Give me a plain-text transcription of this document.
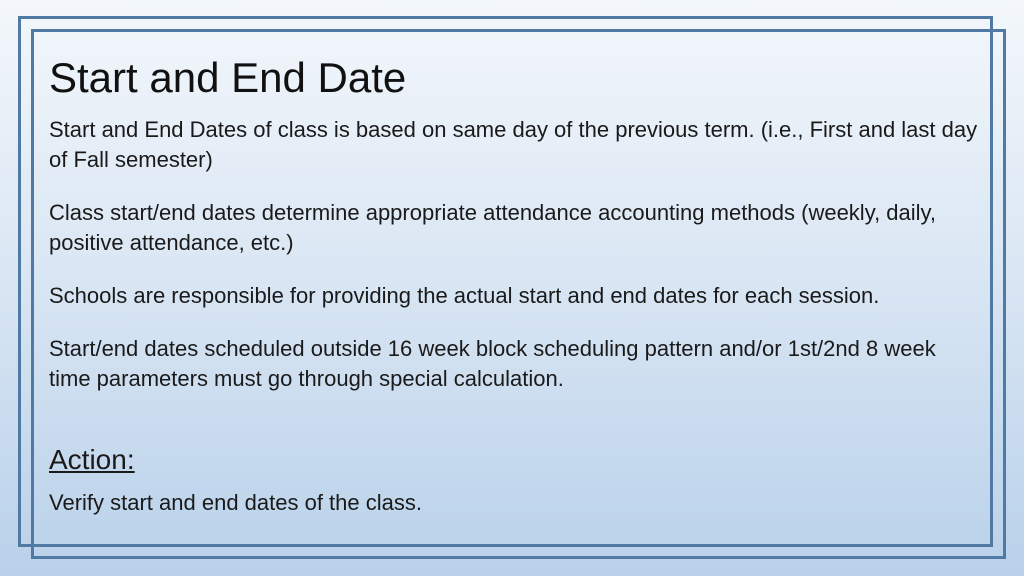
Start and End Date

Start and End Dates of class is based on same day of the previous term. (i.e., First and last day of Fall semester)

Class start/end dates determine appropriate attendance accounting methods (weekly, daily, positive attendance, etc.)

Schools are responsible for providing the actual start and end dates for each session.

Start/end dates scheduled outside 16 week block scheduling pattern and/or 1st/2nd 8 week time parameters must go through special calculation.

Action:

Verify start and end dates of the class.
